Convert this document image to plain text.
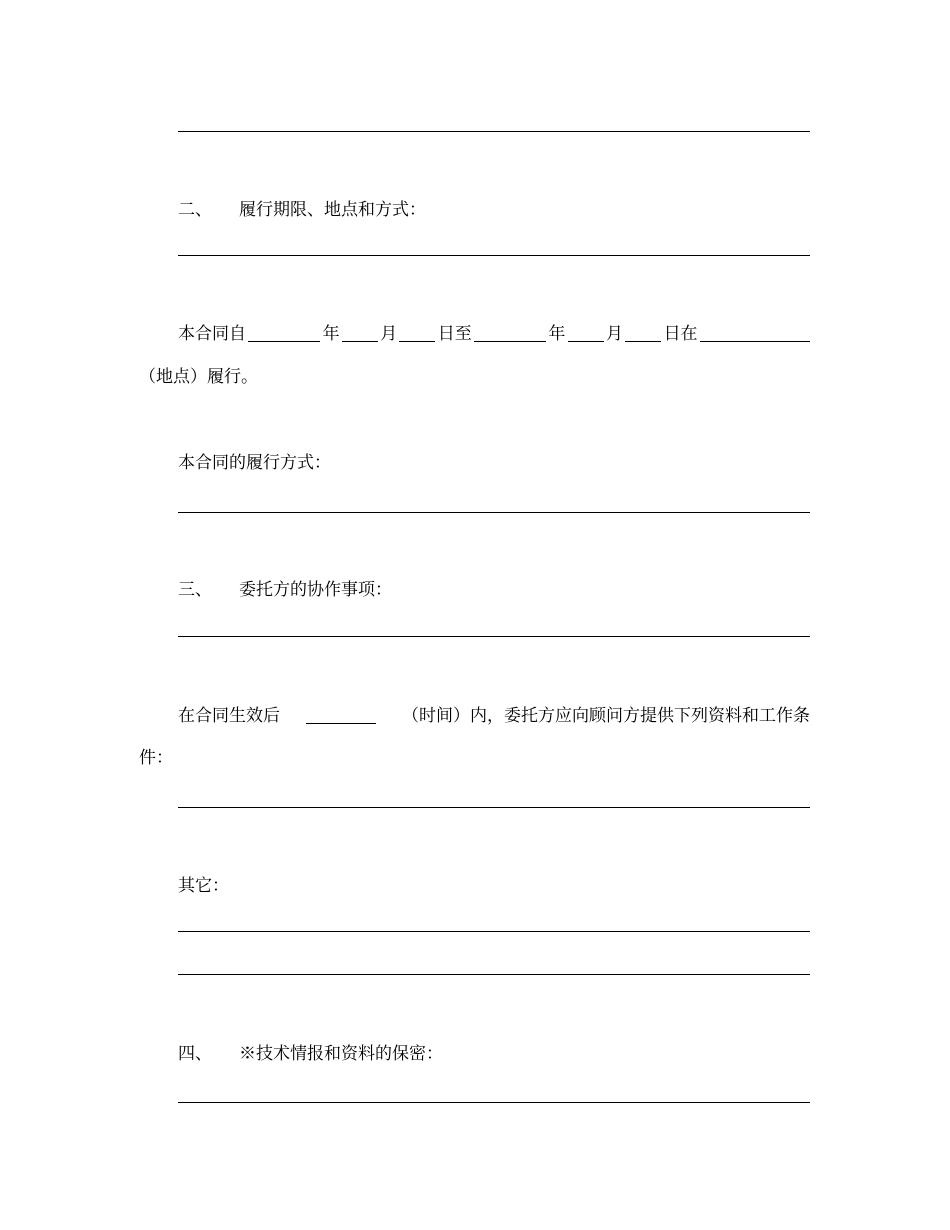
二、 履行期限、地点和方式：
本合同自	年 月 日至	年 月 日在
（地点）履行。
本合同的履行方式：
三、 委托方的协作事项：
在合同生效后	（时间）内，委托方应向顾问方提供下列资料和工作条
件：
其它：
四、 ※技术情报和资料的保密：
